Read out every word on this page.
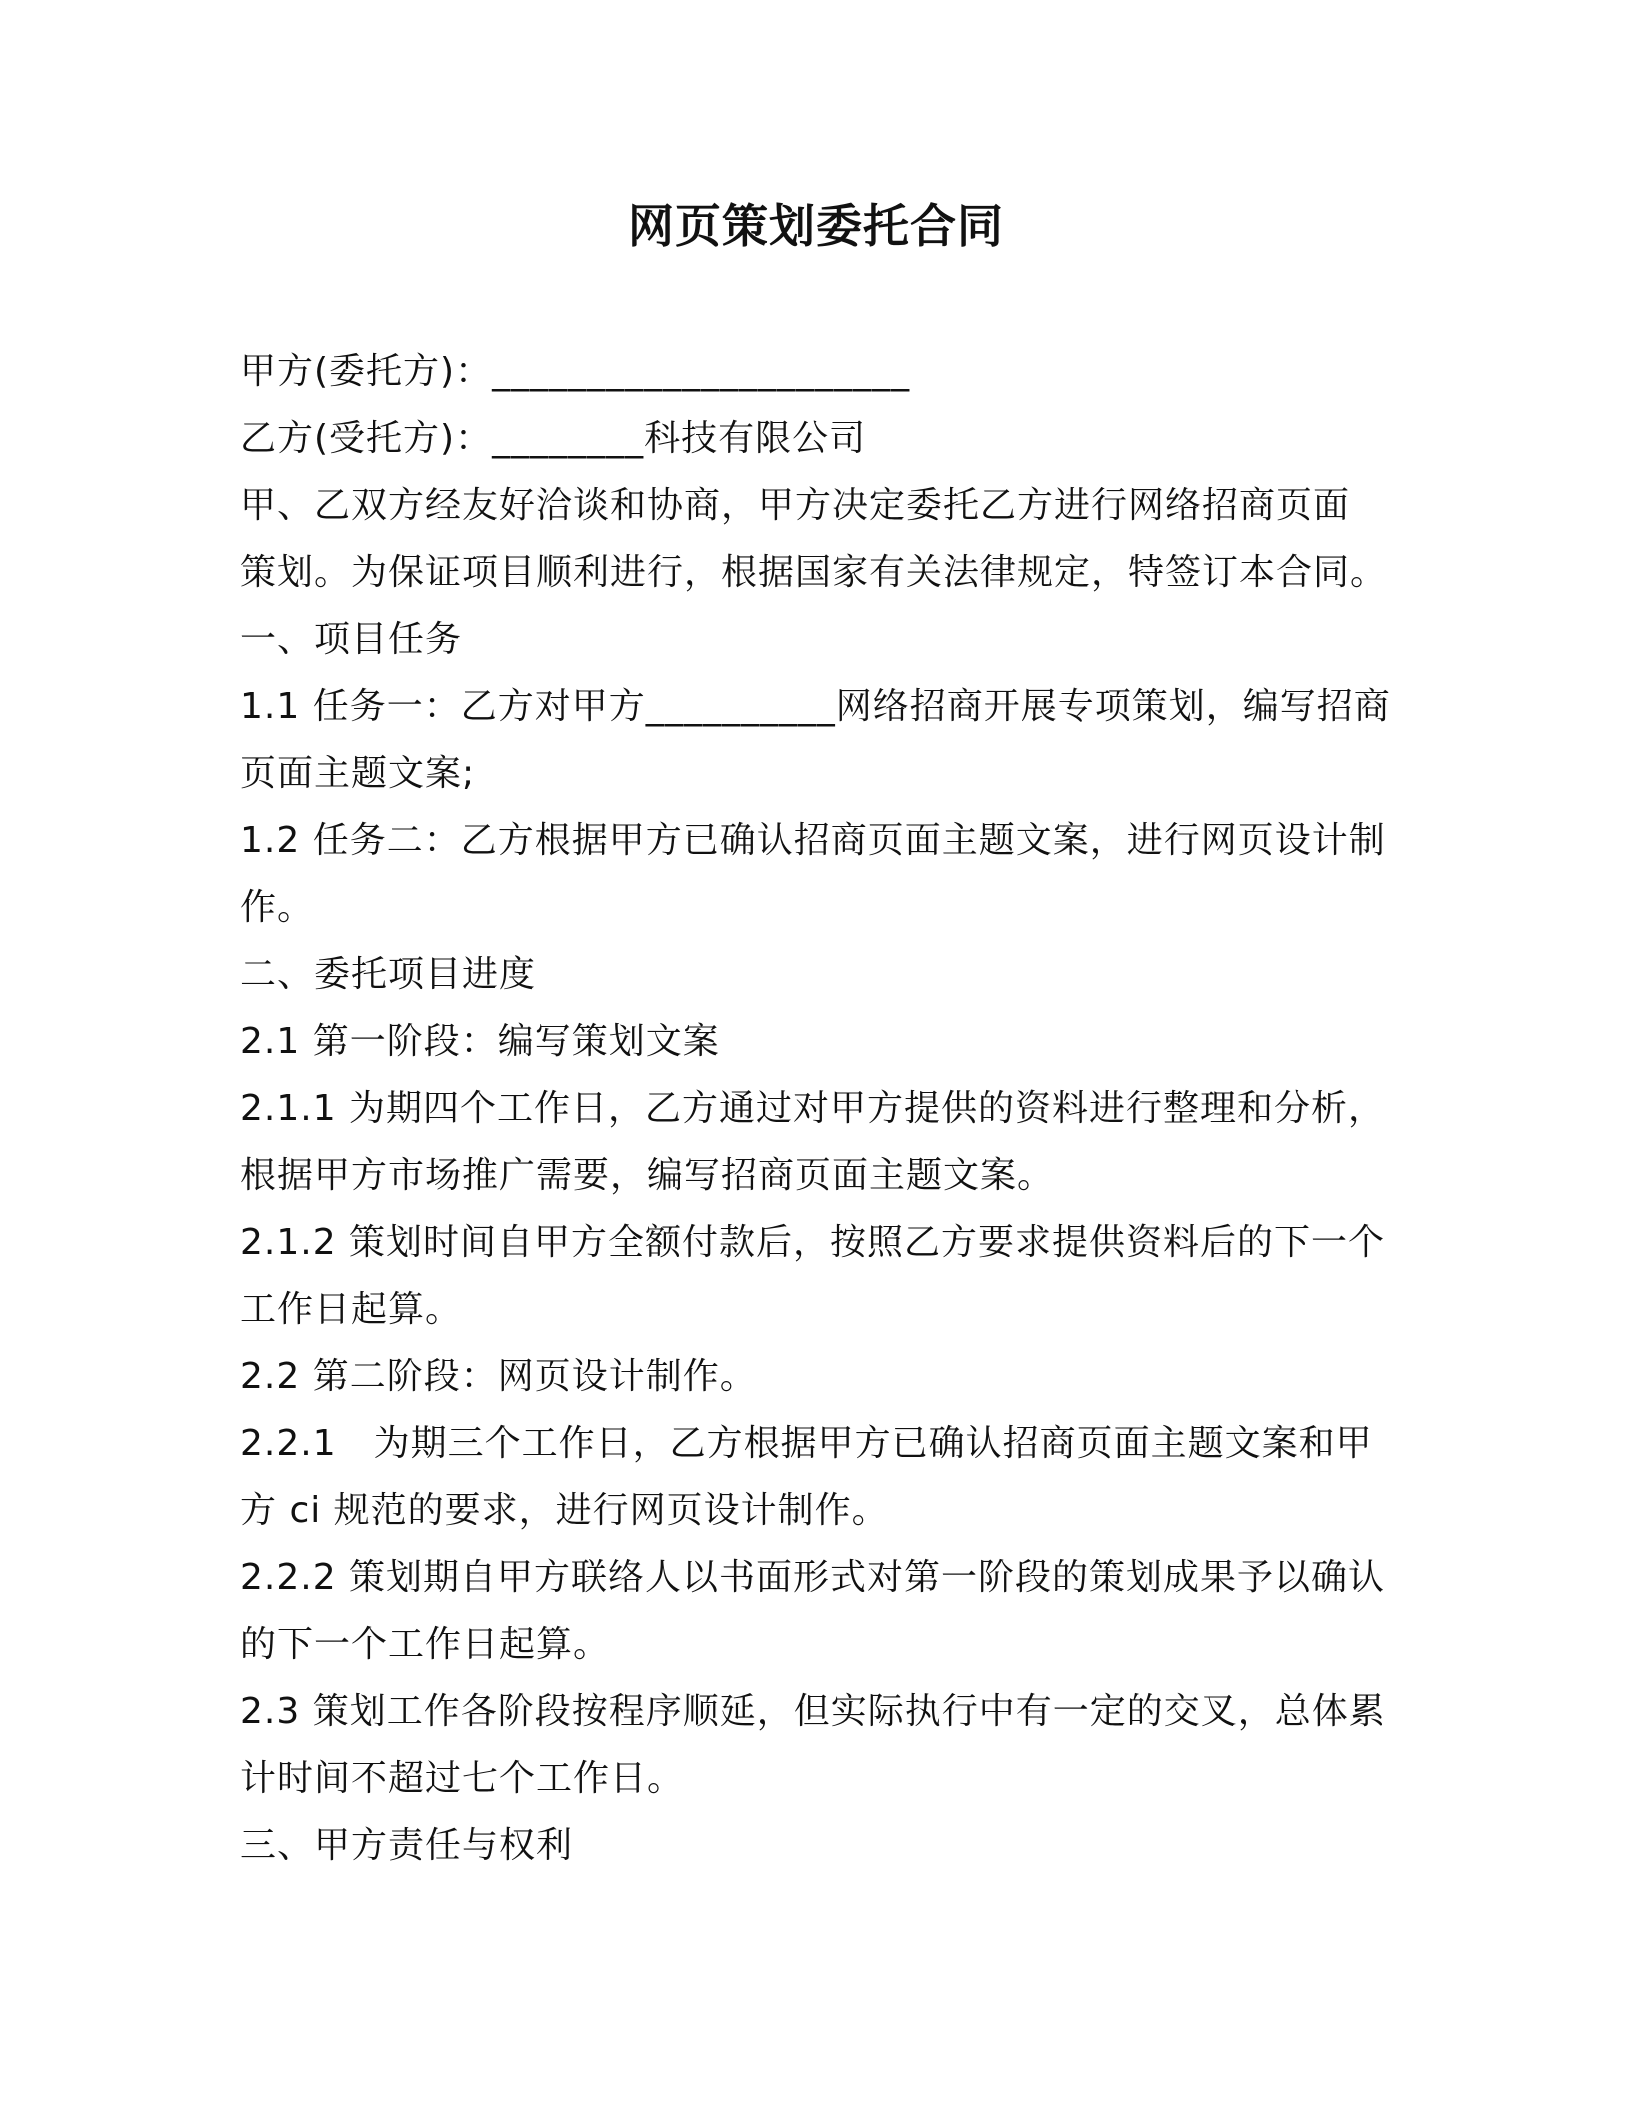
网页策划委托合同
甲方(委托方)：______________________
乙方(受托方)：________科技有限公司
甲、乙双方经友好洽谈和协商，甲方决定委托乙方进行网络招商页面
策划。为保证项目顺利进行，根据国家有关法律规定，特签订本合同。
一、项目任务
1.1 任务一：乙方对甲方__________网络招商开展专项策划，编写招商
页面主题文案;
1.2 任务二：乙方根据甲方已确认招商页面主题文案，进行网页设计制
作。
二、委托项目进度
2.1 第一阶段：编写策划文案
2.1.1 为期四个工作日，乙方通过对甲方提供的资料进行整理和分析，
根据甲方市场推广需要，编写招商页面主题文案。
2.1.2 策划时间自甲方全额付款后，按照乙方要求提供资料后的下一个
工作日起算。
2.2 第二阶段：网页设计制作。
2.2.1　为期三个工作日，乙方根据甲方已确认招商页面主题文案和甲
方 ci 规范的要求，进行网页设计制作。
2.2.2 策划期自甲方联络人以书面形式对第一阶段的策划成果予以确认
的下一个工作日起算。
2.3 策划工作各阶段按程序顺延，但实际执行中有一定的交叉，总体累
计时间不超过七个工作日。
三、甲方责任与权利
